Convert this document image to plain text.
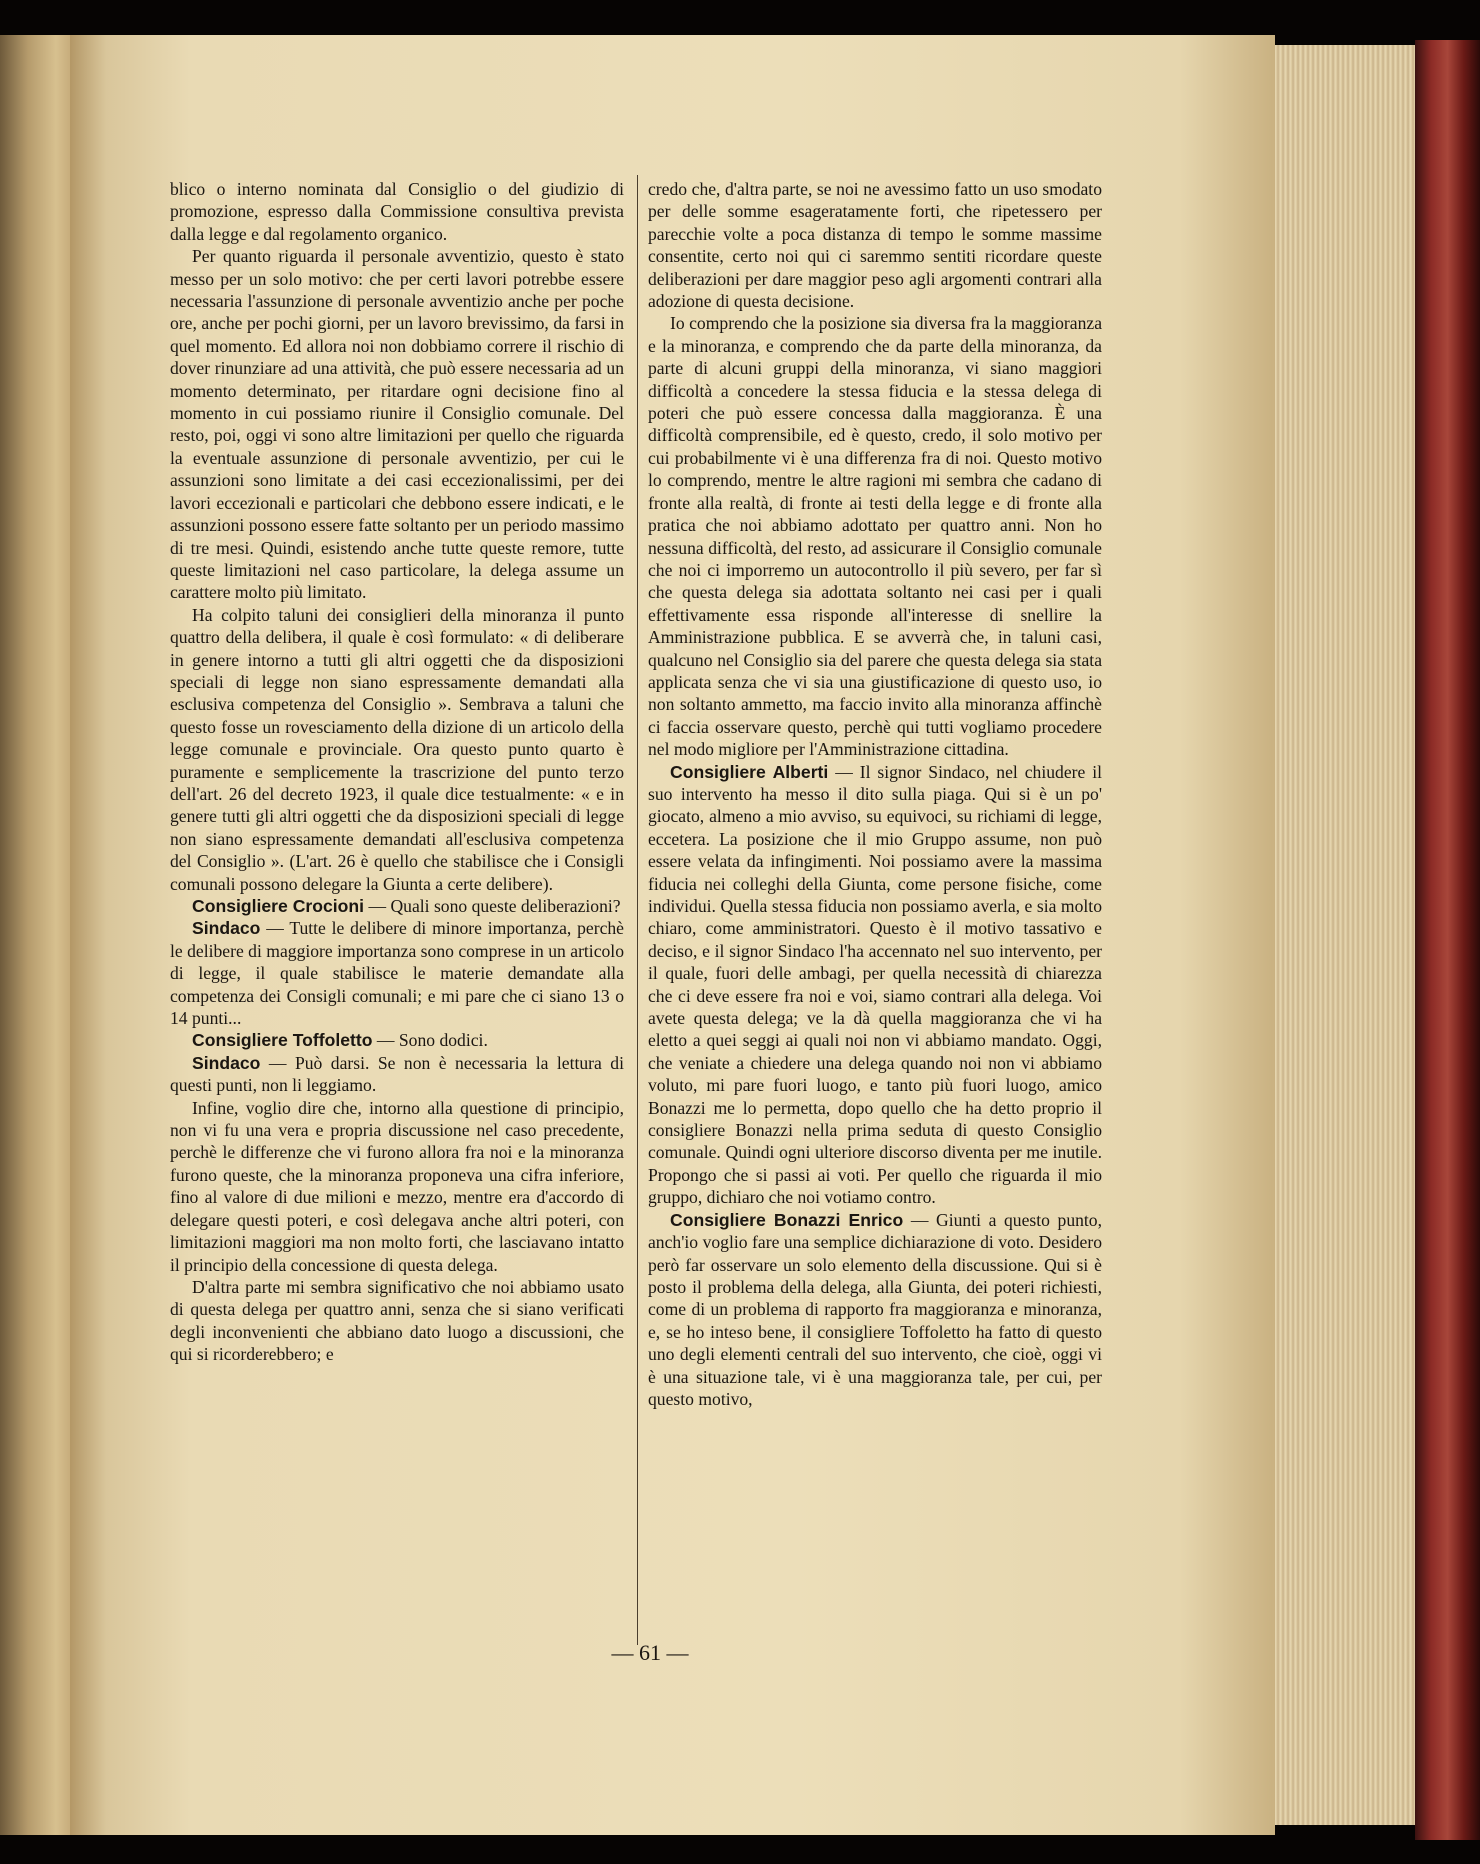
blico o interno nominata dal Consiglio o del giudizio di promozione, espresso dalla Commissione consultiva prevista dalla legge e dal regolamento organico.

Per quanto riguarda il personale avventizio, questo è stato messo per un solo motivo: che per certi lavori potrebbe essere necessaria l'assunzione di personale avventizio anche per poche ore, anche per pochi giorni, per un lavoro brevissimo, da farsi in quel momento. Ed allora noi non dobbiamo correre il rischio di dover rinunziare ad una attività, che può essere necessaria ad un momento determinato, per ritardare ogni decisione fino al momento in cui possiamo riunire il Consiglio comunale. Del resto, poi, oggi vi sono altre limitazioni per quello che riguarda la eventuale assunzione di personale avventizio, per cui le assunzioni sono limitate a dei casi eccezionalissimi, per dei lavori eccezionali e particolari che debbono essere indicati, e le assunzioni possono essere fatte soltanto per un periodo massimo di tre mesi. Quindi, esistendo anche tutte queste remore, tutte queste limitazioni nel caso particolare, la delega assume un carattere molto più limitato.

Ha colpito taluni dei consiglieri della minoranza il punto quattro della delibera, il quale è così formulato: « di deliberare in genere intorno a tutti gli altri oggetti che da disposizioni speciali di legge non siano espressamente demandati alla esclusiva competenza del Consiglio ». Sembrava a taluni che questo fosse un rovesciamento della dizione di un articolo della legge comunale e provinciale. Ora questo punto quarto è puramente e semplicemente la trascrizione del punto terzo dell'art. 26 del decreto 1923, il quale dice testualmente: « e in genere tutti gli altri oggetti che da disposizioni speciali di legge non siano espressamente demandati all'esclusiva competenza del Consiglio ». (L'art. 26 è quello che stabilisce che i Consigli comunali possono delegare la Giunta a certe delibere).

Consigliere Crocioni — Quali sono queste deliberazioni?

Sindaco — Tutte le delibere di minore importanza, perchè le delibere di maggiore importanza sono comprese in un articolo di legge, il quale stabilisce le materie demandate alla competenza dei Consigli comunali; e mi pare che ci siano 13 o 14 punti...

Consigliere Toffoletto — Sono dodici.

Sindaco — Può darsi. Se non è necessaria la lettura di questi punti, non li leggiamo.

Infine, voglio dire che, intorno alla questione di principio, non vi fu una vera e propria discussione nel caso precedente, perchè le differenze che vi furono allora fra noi e la minoranza furono queste, che la minoranza proponeva una cifra inferiore, fino al valore di due milioni e mezzo, mentre era d'accordo di delegare questi poteri, e così delegava anche altri poteri, con limitazioni maggiori ma non molto forti, che lasciavano intatto il principio della concessione di questa delega.

D'altra parte mi sembra significativo che noi abbiamo usato di questa delega per quattro anni, senza che si siano verificati degli inconvenienti che abbiano dato luogo a discussioni, che qui si ricorderebbero; e

credo che, d'altra parte, se noi ne avessimo fatto un uso smodato per delle somme esageratamente forti, che ripetessero per parecchie volte a poca distanza di tempo le somme massime consentite, certo noi qui ci saremmo sentiti ricordare queste deliberazioni per dare maggior peso agli argomenti contrari alla adozione di questa decisione.

Io comprendo che la posizione sia diversa fra la maggioranza e la minoranza, e comprendo che da parte della minoranza, da parte di alcuni gruppi della minoranza, vi siano maggiori difficoltà a concedere la stessa fiducia e la stessa delega di poteri che può essere concessa dalla maggioranza. È una difficoltà comprensibile, ed è questo, credo, il solo motivo per cui probabilmente vi è una differenza fra di noi. Questo motivo lo comprendo, mentre le altre ragioni mi sembra che cadano di fronte alla realtà, di fronte ai testi della legge e di fronte alla pratica che noi abbiamo adottato per quattro anni. Non ho nessuna difficoltà, del resto, ad assicurare il Consiglio comunale che noi ci imporremo un autocontrollo il più severo, per far sì che questa delega sia adottata soltanto nei casi per i quali effettivamente essa risponde all'interesse di snellire la Amministrazione pubblica. E se avverrà che, in taluni casi, qualcuno nel Consiglio sia del parere che questa delega sia stata applicata senza che vi sia una giustificazione di questo uso, io non soltanto ammetto, ma faccio invito alla minoranza affinchè ci faccia osservare questo, perchè qui tutti vogliamo procedere nel modo migliore per l'Amministrazione cittadina.

Consigliere Alberti — Il signor Sindaco, nel chiudere il suo intervento ha messo il dito sulla piaga. Qui si è un po' giocato, almeno a mio avviso, su equivoci, su richiami di legge, eccetera. La posizione che il mio Gruppo assume, non può essere velata da infingimenti. Noi possiamo avere la massima fiducia nei colleghi della Giunta, come persone fisiche, come individui. Quella stessa fiducia non possiamo averla, e sia molto chiaro, come amministratori. Questo è il motivo tassativo e deciso, e il signor Sindaco l'ha accennato nel suo intervento, per il quale, fuori delle ambagi, per quella necessità di chiarezza che ci deve essere fra noi e voi, siamo contrari alla delega. Voi avete questa delega; ve la dà quella maggioranza che vi ha eletto a quei seggi ai quali noi non vi abbiamo mandato. Oggi, che veniate a chiedere una delega quando noi non vi abbiamo voluto, mi pare fuori luogo, e tanto più fuori luogo, amico Bonazzi me lo permetta, dopo quello che ha detto proprio il consigliere Bonazzi nella prima seduta di questo Consiglio comunale. Quindi ogni ulteriore discorso diventa per me inutile. Propongo che si passi ai voti. Per quello che riguarda il mio gruppo, dichiaro che noi votiamo contro.

Consigliere Bonazzi Enrico — Giunti a questo punto, anch'io voglio fare una semplice dichiarazione di voto. Desidero però far osservare un solo elemento della discussione. Qui si è posto il problema della delega, alla Giunta, dei poteri richiesti, come di un problema di rapporto fra maggioranza e minoranza, e, se ho inteso bene, il consigliere Toffoletto ha fatto di questo uno degli elementi centrali del suo intervento, che cioè, oggi vi è una situazione tale, vi è una maggioranza tale, per cui, per questo motivo,

— 61 —
